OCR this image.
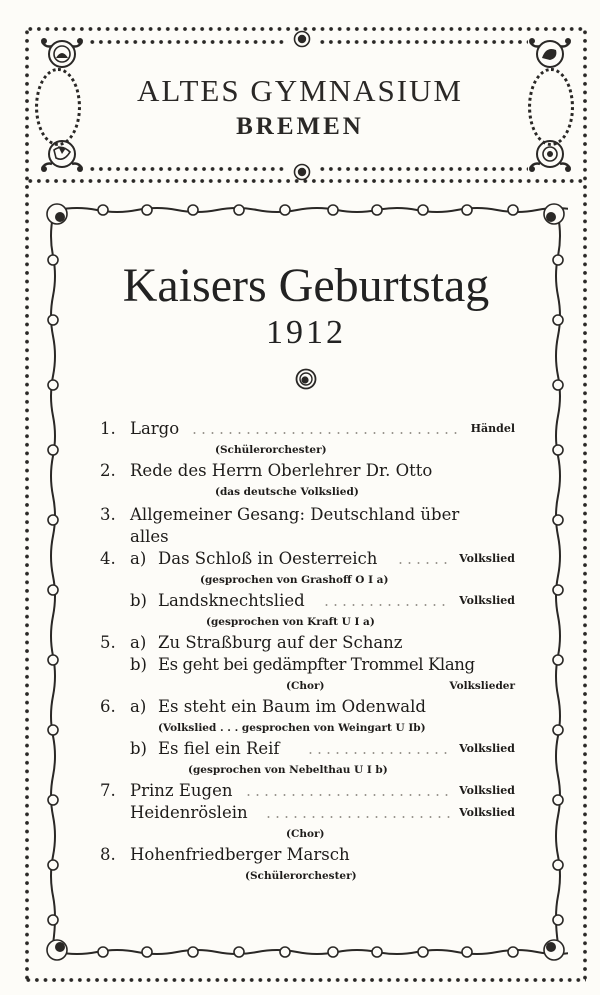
ALTES GYMNASIUM
BREMEN
Kaisers Geburtstag
1912
1. Largo	Händel
(Schülerorchester)
2. Rede des Herrn Oberlehrer Dr. Otto
(das deutsche Volkslied)
3. Allgemeiner Gesang: Deutschland über
alles
4. a) Das Schloß in Oesterreich	Volkslied
(gesprochen von Grashoff O I a)
b) Landsknechtslied	Volkslied
(gesprochen von Kraft U I a)
5. a) Zu Straßburg auf der Schanz
b) Es geht bei gedämpfter Trommel Klang
(Chor)	Volkslieder
6. a) Es steht ein Baum im Odenwald
(Volkslied . . . gesprochen von Weingart U Ib)
b) Es fiel ein Reif	Volkslied
(gesprochen von Nebelthau U I b)
7. Prinz Eugen	Volkslied
Heidenröslein	Volkslied
(Chor)
8. Hohenfriedberger Marsch
(Schülerorchester)
